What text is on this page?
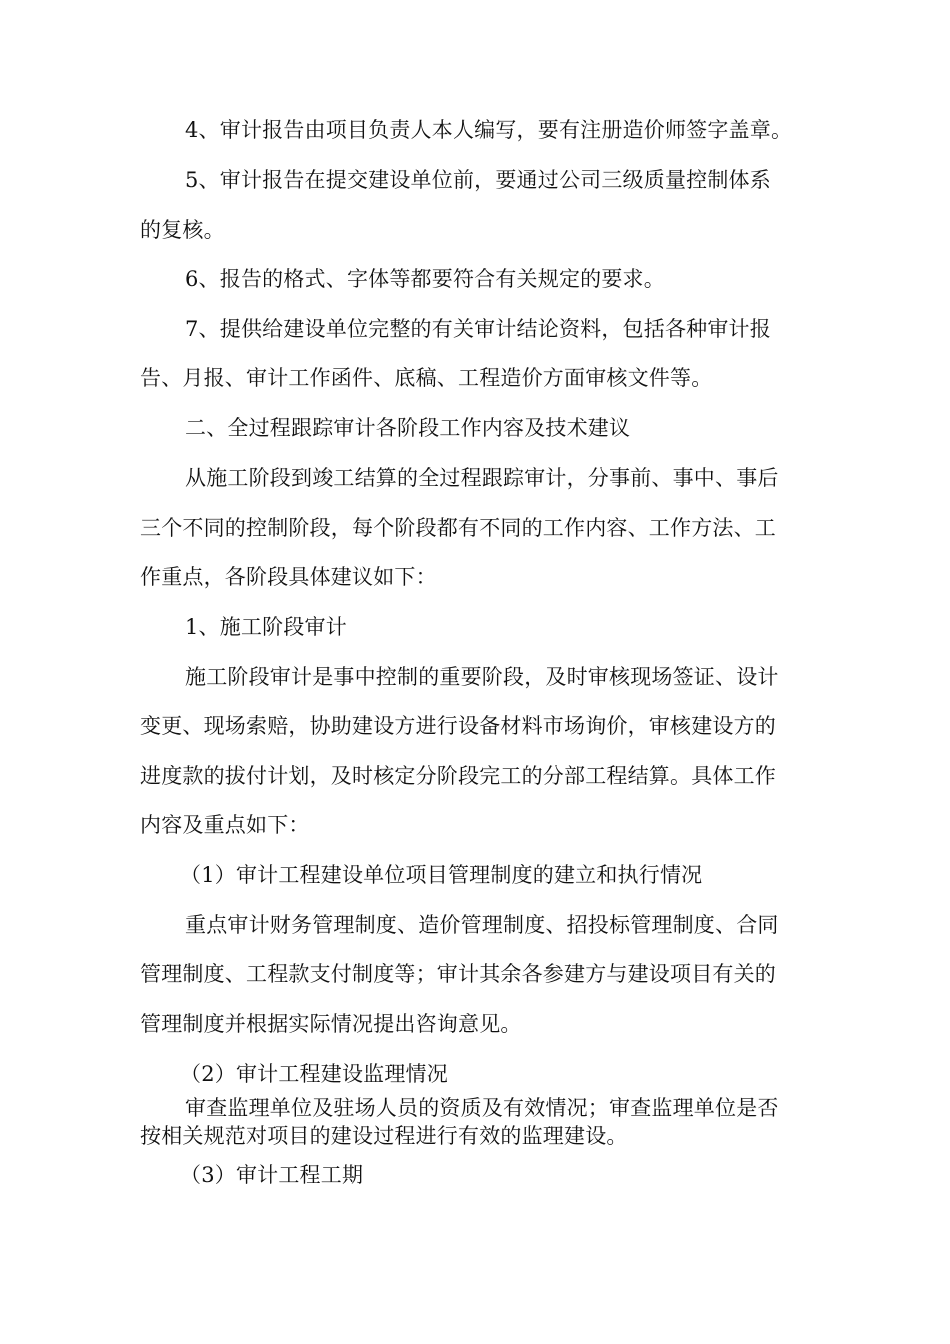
4、审计报告由项目负责人本人编写，要有注册造价师签字盖章。
5、审计报告在提交建设单位前，要通过公司三级质量控制体系
的复核。
6、报告的格式、字体等都要符合有关规定的要求。
7、提供给建设单位完整的有关审计结论资料，包括各种审计报
告、月报、审计工作函件、底稿、工程造价方面审核文件等。
二、全过程跟踪审计各阶段工作内容及技术建议
从施工阶段到竣工结算的全过程跟踪审计，分事前、事中、事后
三个不同的控制阶段，每个阶段都有不同的工作内容、工作方法、工
作重点，各阶段具体建议如下：
1、施工阶段审计
施工阶段审计是事中控制的重要阶段，及时审核现场签证、设计
变更、现场索赔，协助建设方进行设备材料市场询价，审核建设方的
进度款的拔付计划，及时核定分阶段完工的分部工程结算。具体工作
内容及重点如下：
（1）审计工程建设单位项目管理制度的建立和执行情况
重点审计财务管理制度、造价管理制度、招投标管理制度、合同
管理制度、工程款支付制度等；审计其余各参建方与建设项目有关的
管理制度并根据实际情况提出咨询意见。
（2）审计工程建设监理情况
审查监理单位及驻场人员的资质及有效情况；审查监理单位是否
按相关规范对项目的建设过程进行有效的监理建设。
（3）审计工程工期
